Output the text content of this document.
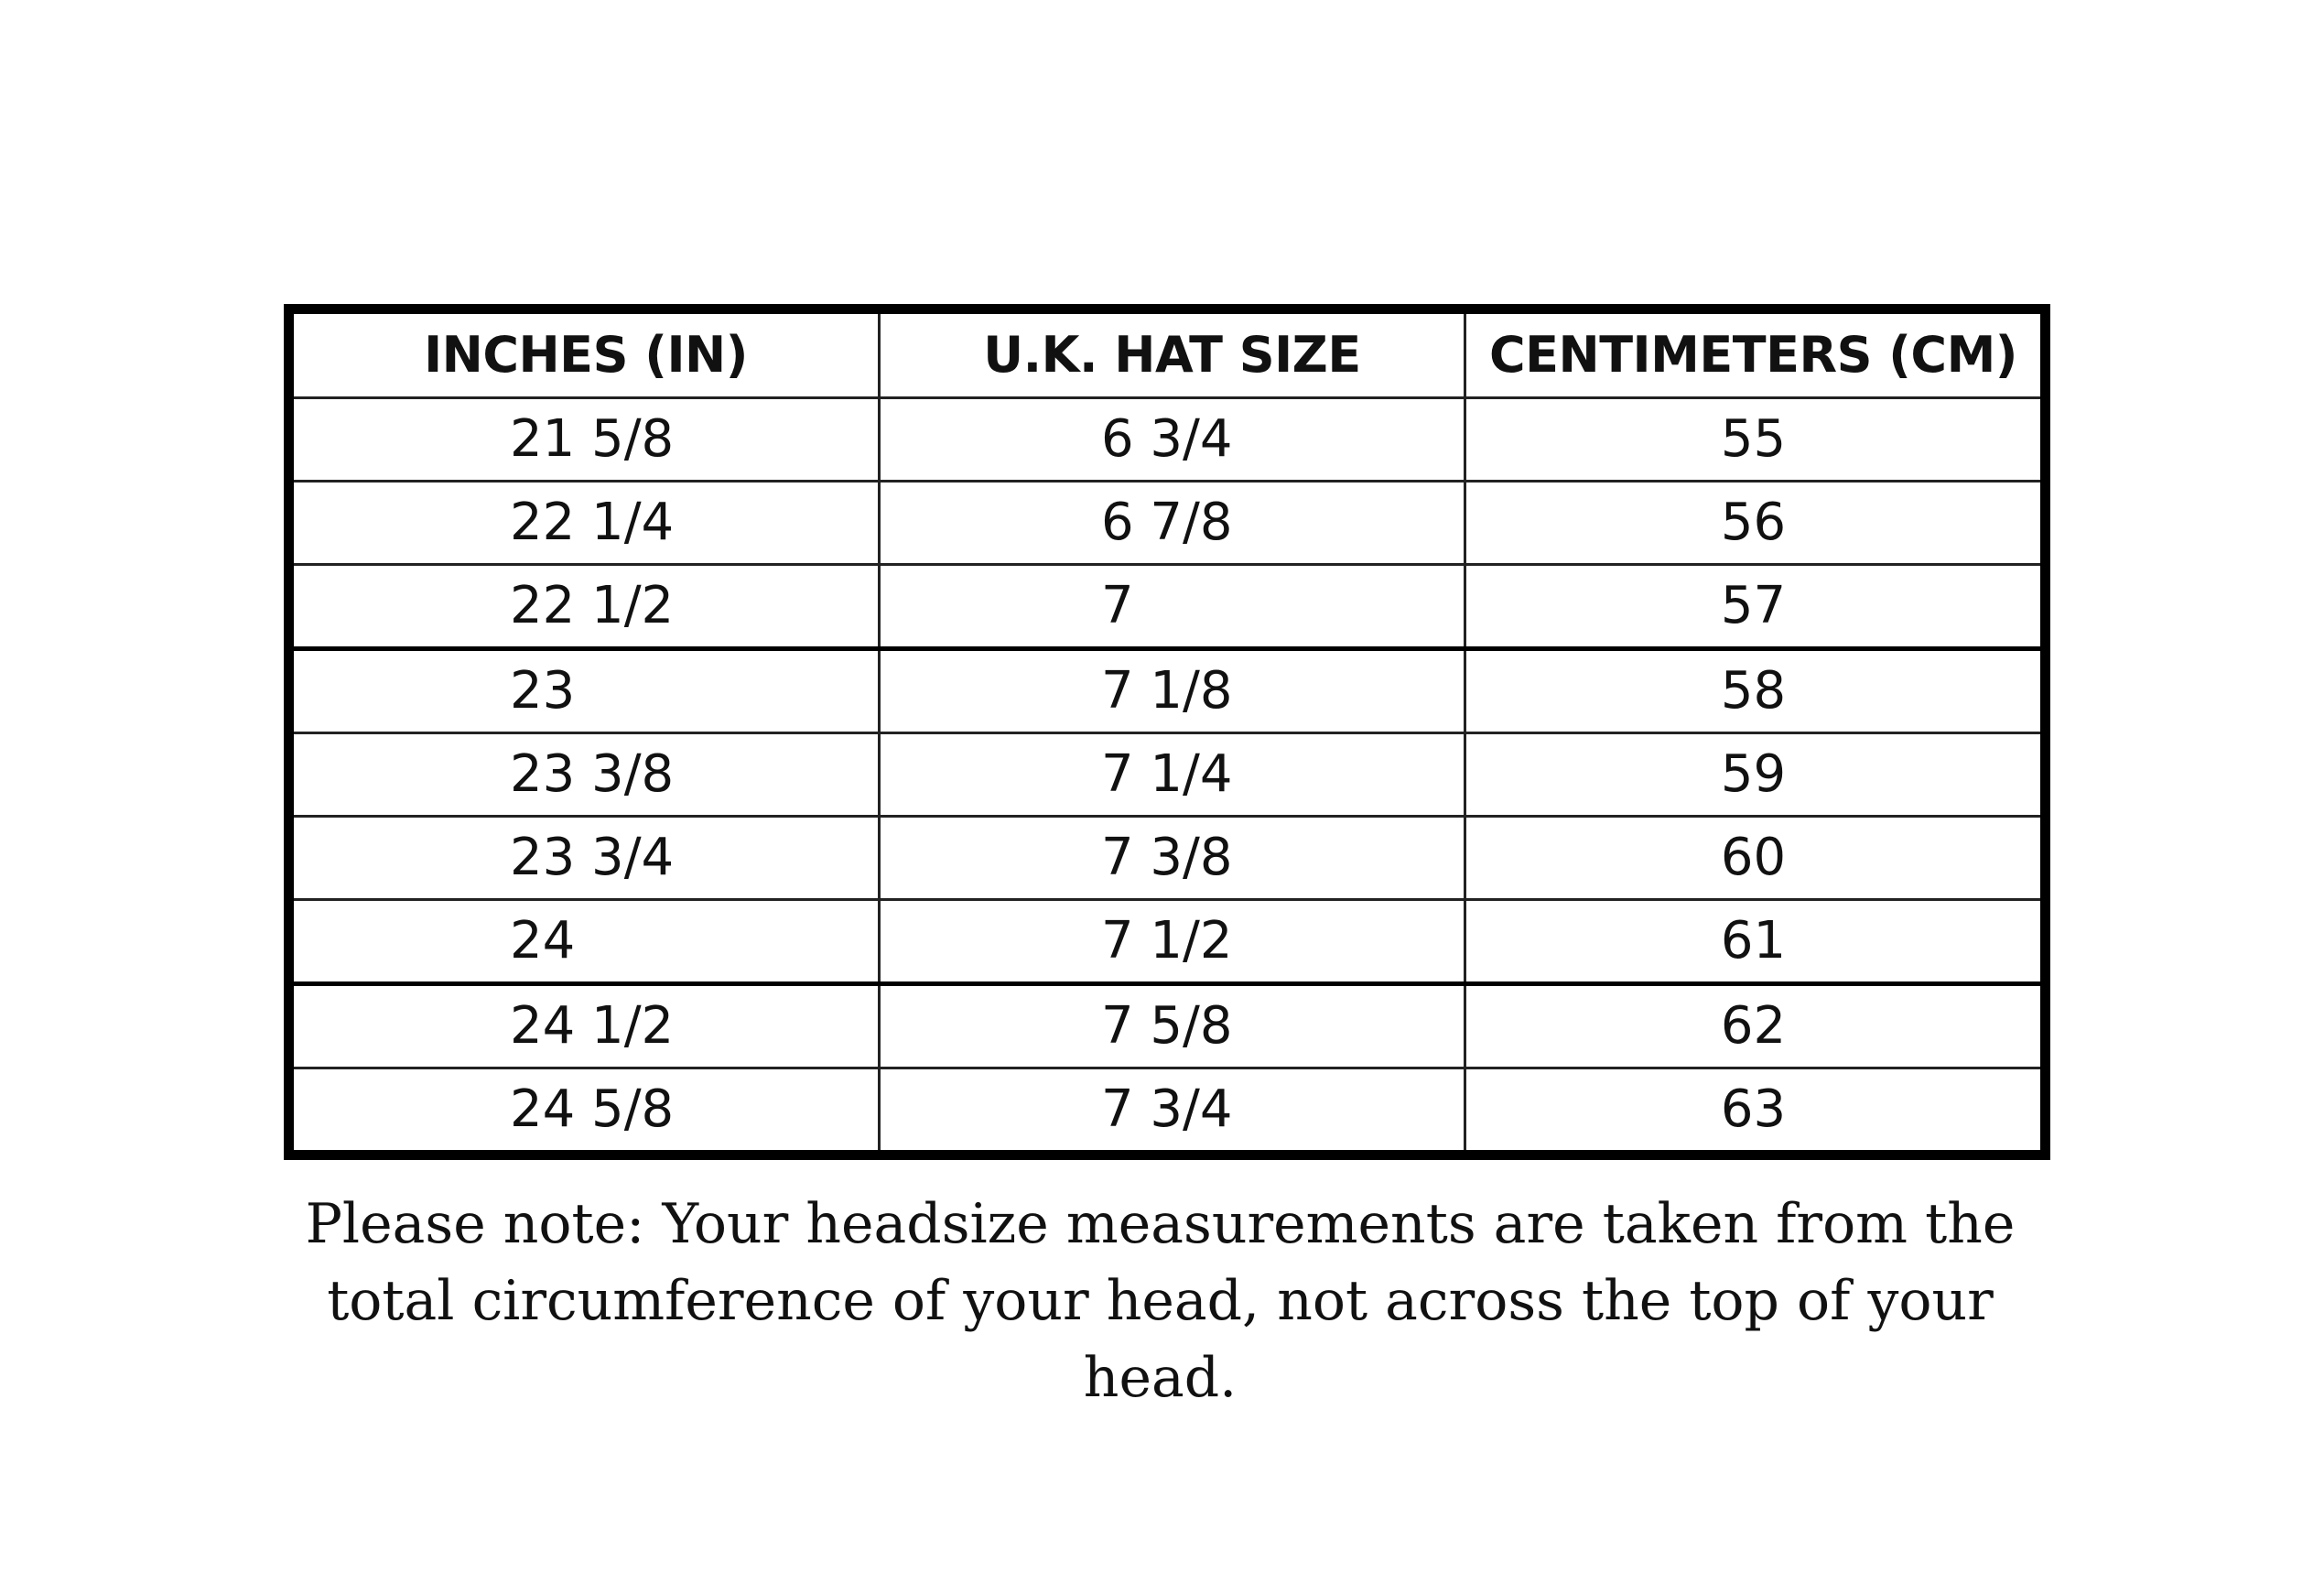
INCHES (IN)	U.K. HAT SIZE	CENTIMETERS (CM)
21 5/8	6 3/4	55
22 1/4	6 7/8	56
22 1/2	7	57
23	7 1/8	58
23 3/8	7 1/4	59
23 3/4	7 3/8	60
24	7 1/2	61
24 1/2	7 5/8	62
24 5/8	7 3/4	63

Please note: Your headsize measurements are taken from the
total circumference of your head, not across the top of your head.
